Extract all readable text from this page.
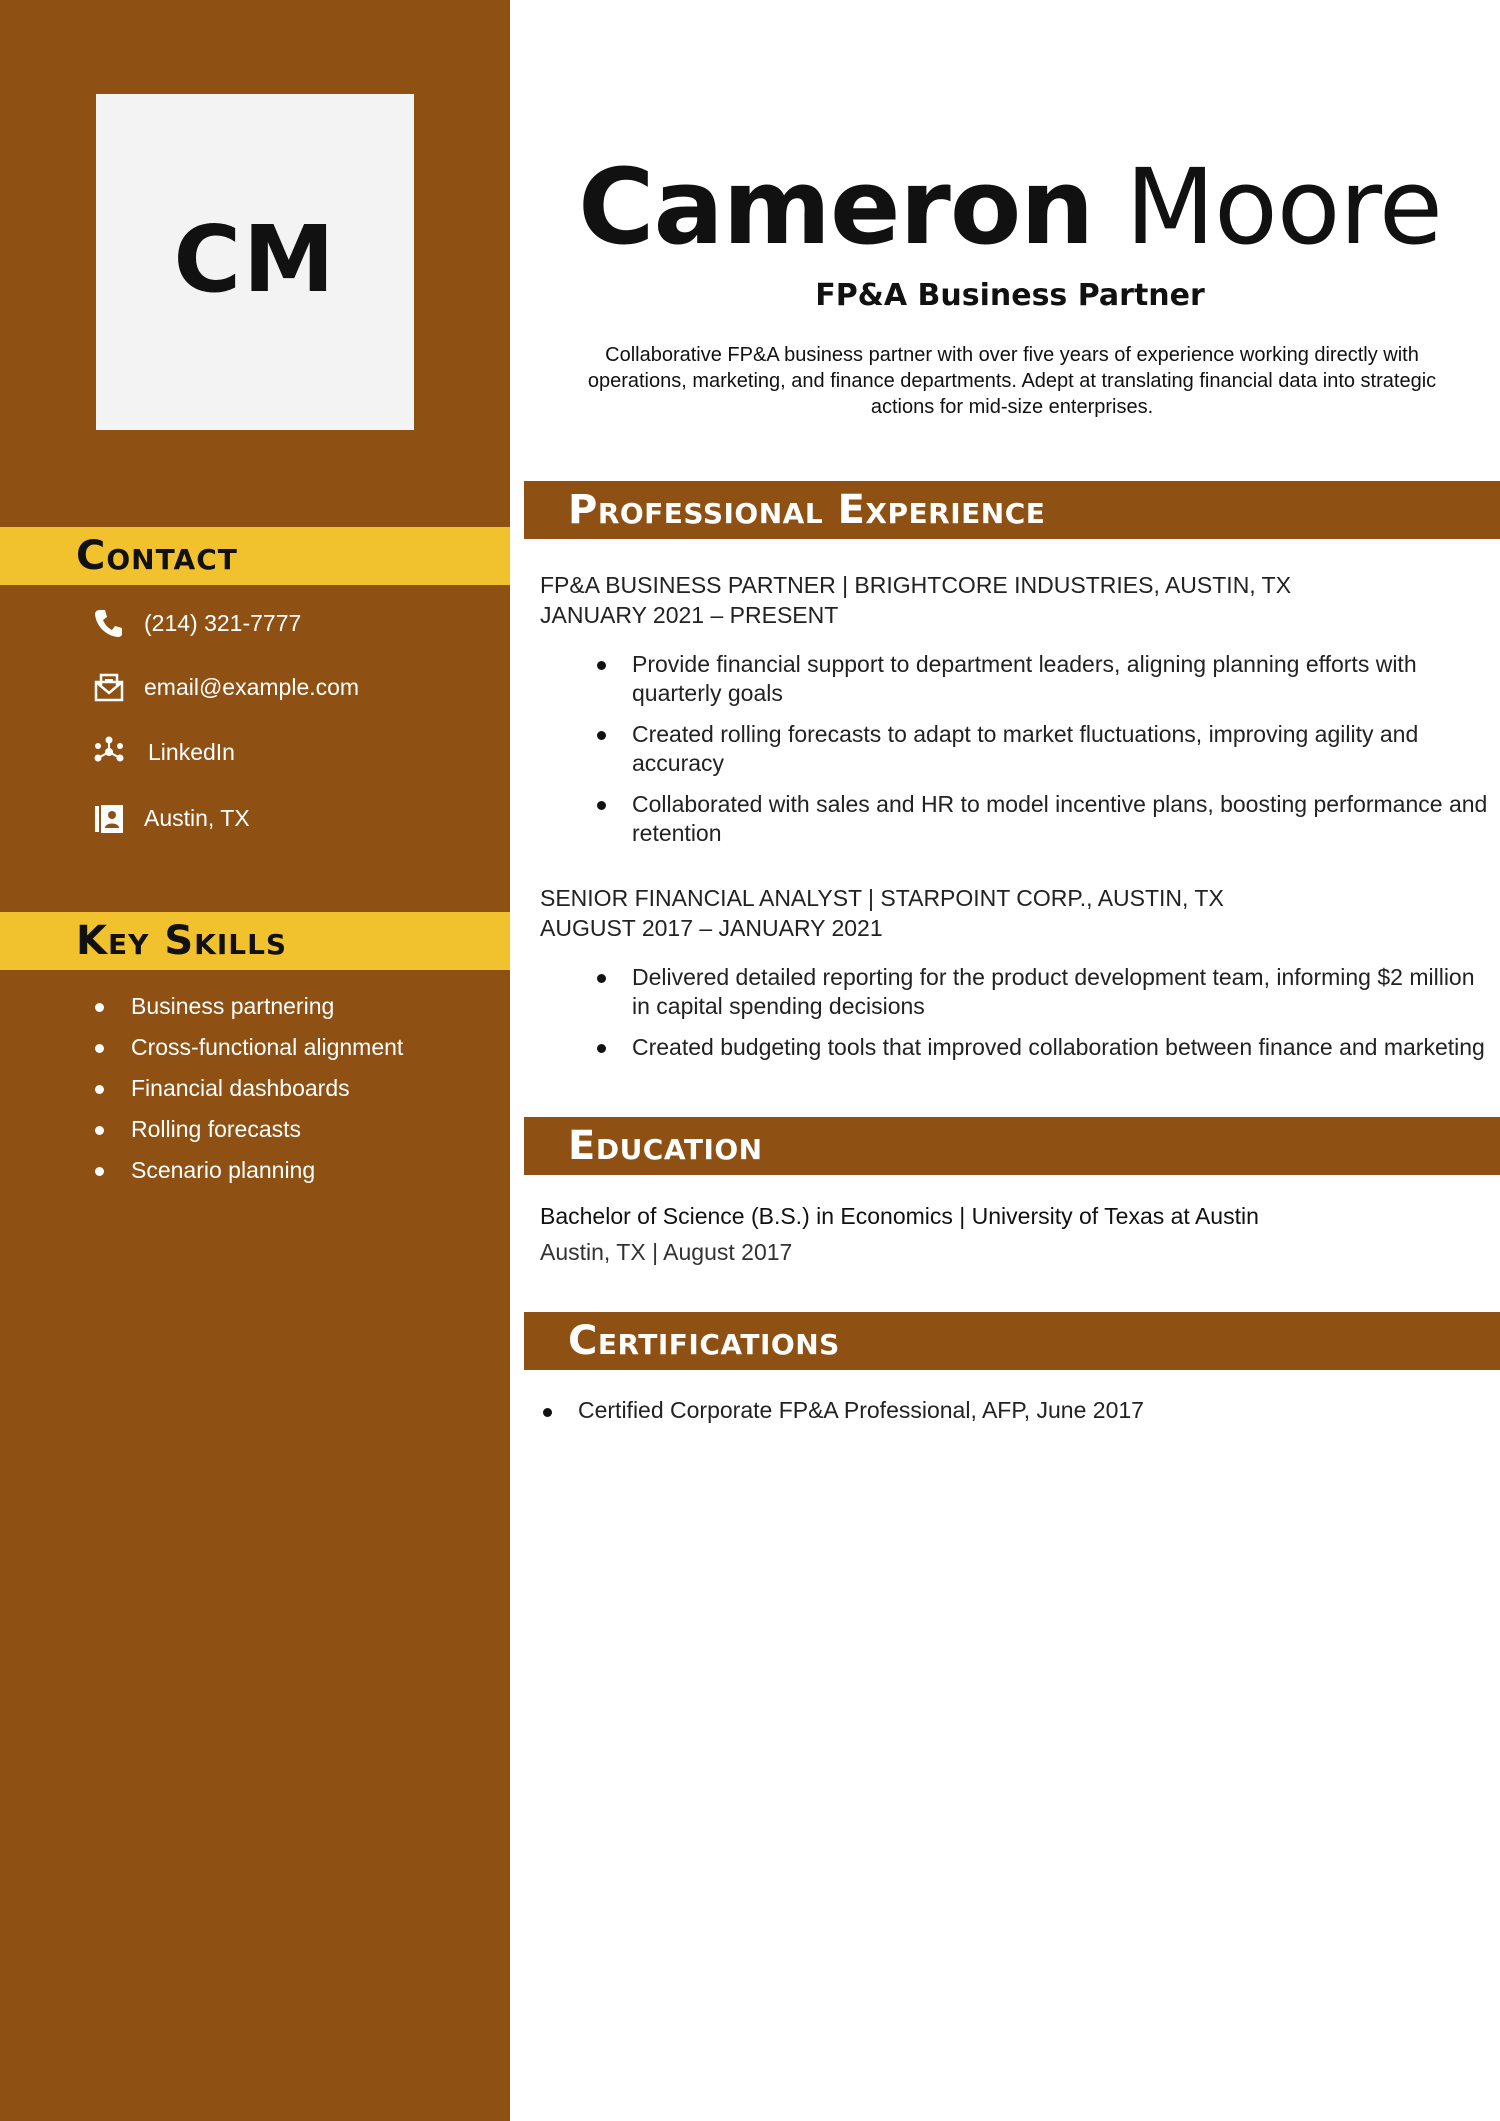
CM
Contact
(214) 321-7777
email@example.com
LinkedIn
Austin, TX
Key Skills
Business partnering
Cross-functional alignment
Financial dashboards
Rolling forecasts
Scenario planning
Cameron Moore
FP&A Business Partner
Collaborative FP&A business partner with over five years of experience working directly with operations, marketing, and finance departments. Adept at translating financial data into strategic actions for mid-size enterprises.
Professional Experience
FP&A BUSINESS PARTNER | BRIGHTCORE INDUSTRIES, AUSTIN, TX
JANUARY 2021 – PRESENT
Provide financial support to department leaders, aligning planning efforts with quarterly goals
Created rolling forecasts to adapt to market fluctuations, improving agility and accuracy
Collaborated with sales and HR to model incentive plans, boosting performance and retention
SENIOR FINANCIAL ANALYST | STARPOINT CORP., AUSTIN, TX
AUGUST 2017 – JANUARY 2021
Delivered detailed reporting for the product development team, informing $2 million in capital spending decisions
Created budgeting tools that improved collaboration between finance and marketing
Education
Bachelor of Science (B.S.) in Economics | University of Texas at Austin
Austin, TX | August 2017
Certifications
Certified Corporate FP&A Professional, AFP, June 2017
